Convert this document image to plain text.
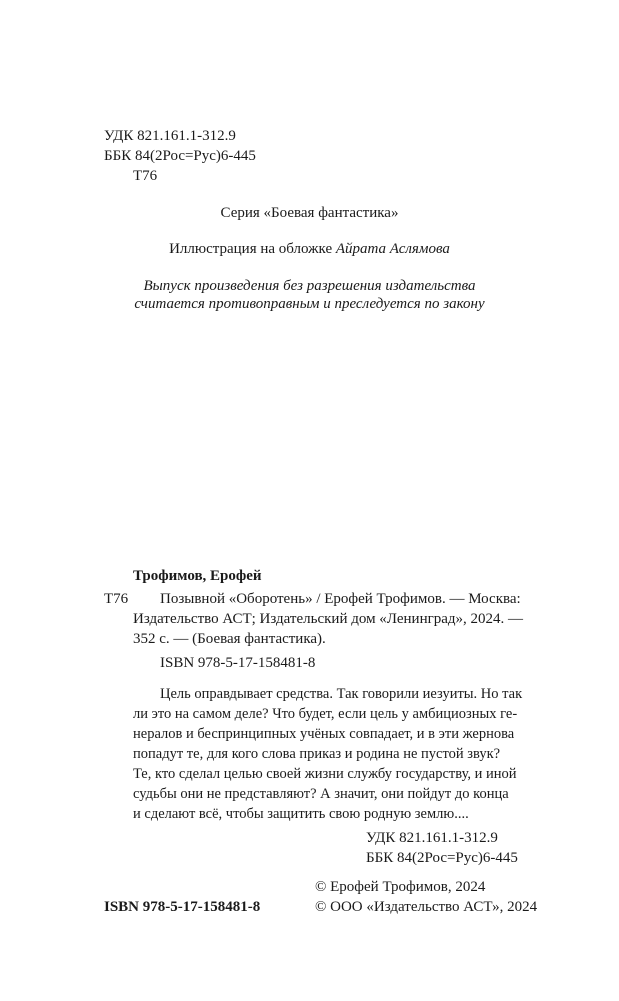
УДК 821.161.1-312.9

ББК 84(2Рос=Рус)6-445

Т76

Серия «Боевая фантастика»

Иллюстрация на обложке Айрата Аслямова

Выпуск произведения без разрешения издательства

считается противоправным и преследуется по закону

Трофимов, Ерофей

Т76 Позывной «Оборотень» / Ерофей Трофимов. — Москва:

Издательство АСТ; Издательский дом «Ленинград», 2024. —

352 с. — (Боевая фантастика).

ISBN 978-5-17-158481-8

Цель оправдывает средства. Так говорили иезуиты. Но так

ли это на самом деле? Что будет, если цель у амбициозных ге-

нералов и беспринципных учёных совпадает, и в эти жернова

попадут те, для кого слова приказ и родина не пустой звук?

Те, кто сделал целью своей жизни службу государству, и иной

судьбы они не представляют? А значит, они пойдут до конца

и сделают всё, чтобы защитить свою родную землю....

УДК 821.161.1-312.9

ББК 84(2Рос=Рус)6-445

© Ерофей Трофимов, 2024

ISBN 978-5-17-158481-8	© ООО «Издательство АСТ», 2024
